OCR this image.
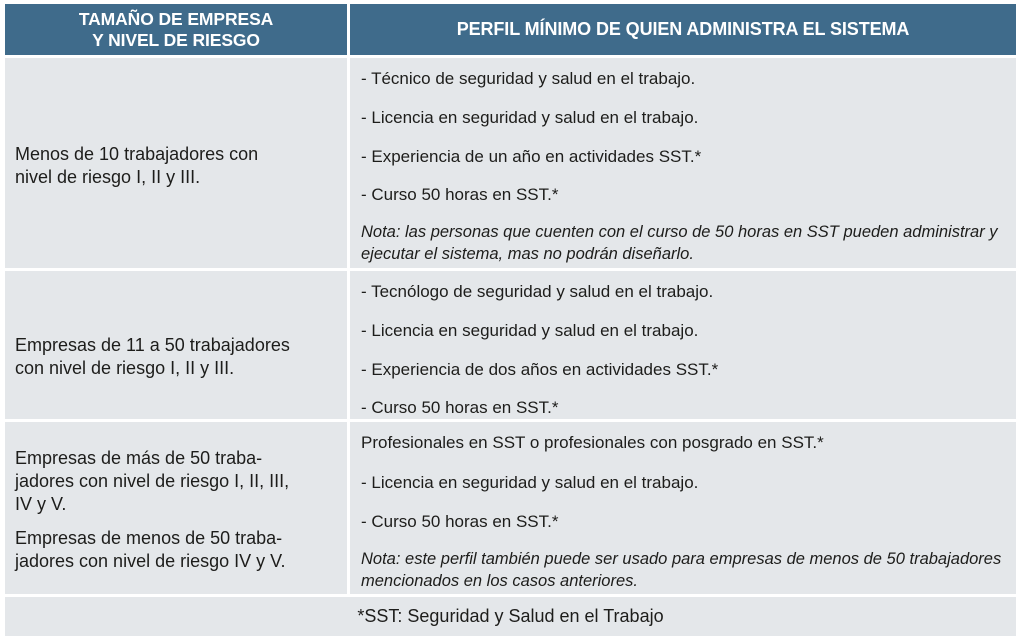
TAMAÑO DE EMPRESA
Y NIVEL DE RIESGO
PERFIL MÍNIMO DE QUIEN ADMINISTRA EL SISTEMA
Menos de 10 trabajadores con
nivel de riesgo I, II y III.
- Técnico de seguridad y salud en el trabajo.
- Licencia en seguridad y salud en el trabajo.
- Experiencia de un año en actividades SST.*
- Curso 50 horas en SST.*
Nota: las personas que cuenten con el curso de 50 horas en SST pueden administrar y ejecutar el sistema, mas no podrán diseñarlo.
Empresas de 11 a 50 trabajadores
con nivel de riesgo I, II y III.
- Tecnólogo de seguridad y salud en el trabajo.
- Licencia en seguridad y salud en el trabajo.
- Experiencia de dos años en actividades SST.*
- Curso 50 horas en SST.*
Empresas de más de 50 traba-
jadores con nivel de riesgo I, II, III,
IV y V.
Empresas de menos de 50 traba-
jadores con nivel de riesgo IV y V.
Profesionales en SST o profesionales con posgrado en SST.*
- Licencia en seguridad y salud en el trabajo.
- Curso 50 horas en SST.*
Nota: este perfil también puede ser usado para empresas de menos de 50 trabajadores mencionados en los casos anteriores.
*SST: Seguridad y Salud en el Trabajo
